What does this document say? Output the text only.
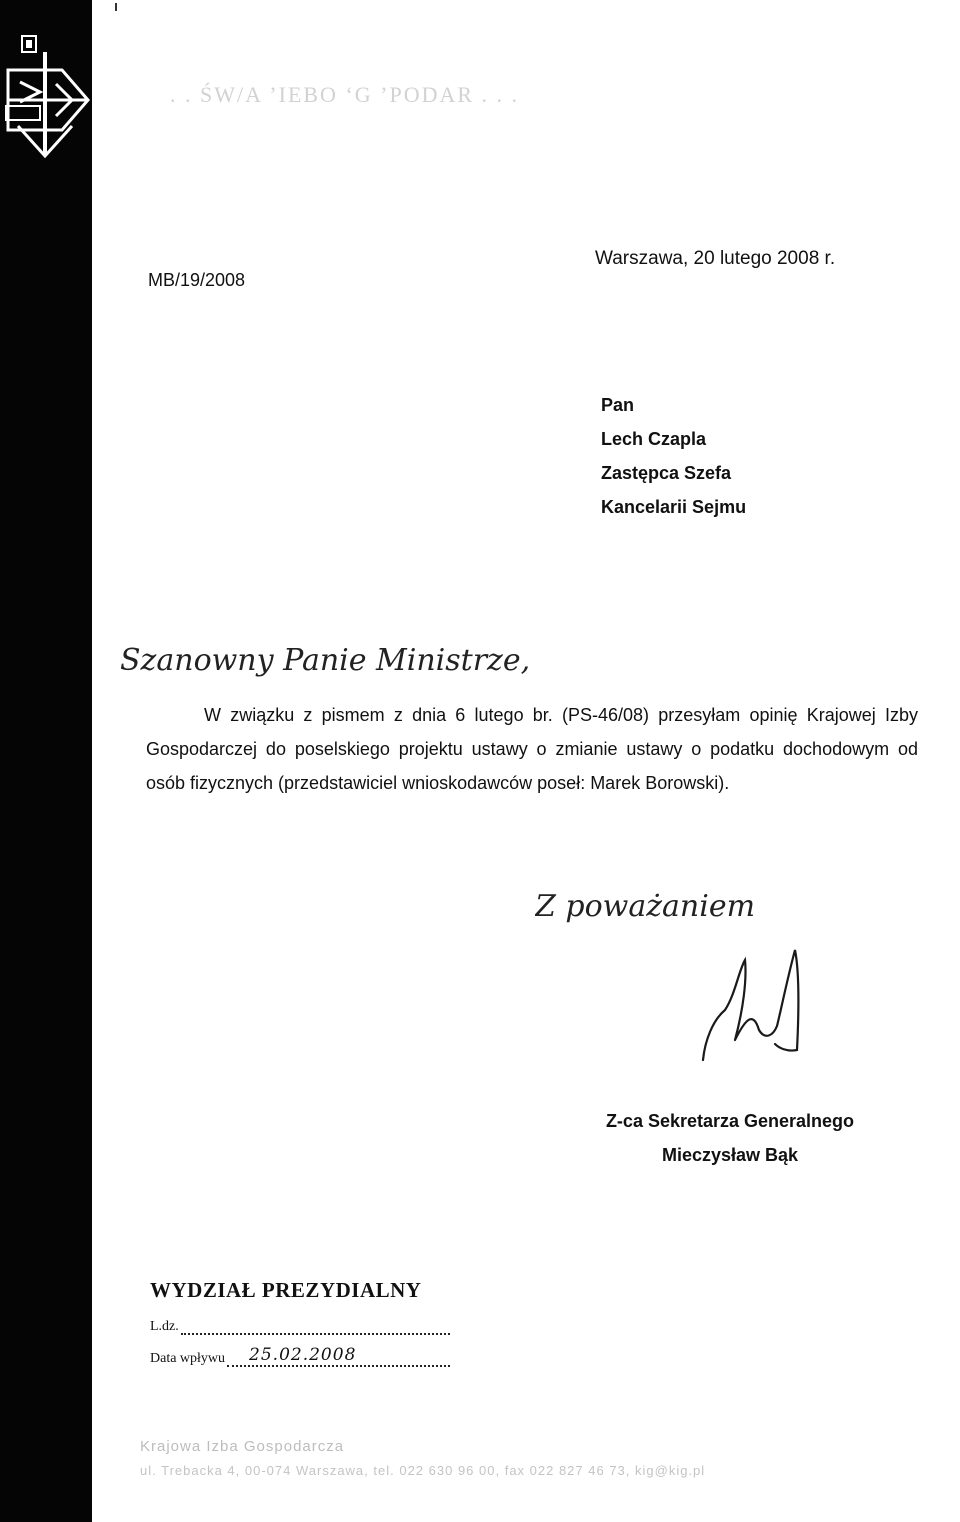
. . ŚW/A ’IEBO ‘G ’PODAR . . .
MB/19/2008
Warszawa, 20 lutego 2008 r.
Pan
Lech Czapla
Zastępca Szefa
Kancelarii Sejmu
Szanowny Panie Ministrze,
W związku z pismem z dnia 6 lutego br. (PS-46/08) przesyłam opinię Krajowej Izby Gospodarczej do poselskiego projektu ustawy o zmianie ustawy o podatku dochodowym od osób fizycznych (przedstawiciel wnioskodawców poseł: Marek Borowski).
Z poważaniem
Z-ca Sekretarza Generalnego
Mieczysław Bąk
WYDZIAŁ PREZYDIALNY
L.dz.
Data wpływu 25.02.2008
Krajowa Izba Gospodarcza
ul. Trebacka 4, 00-074 Warszawa, tel. 022 630 96 00, fax 022 827 46 73, kig@kig.pl
